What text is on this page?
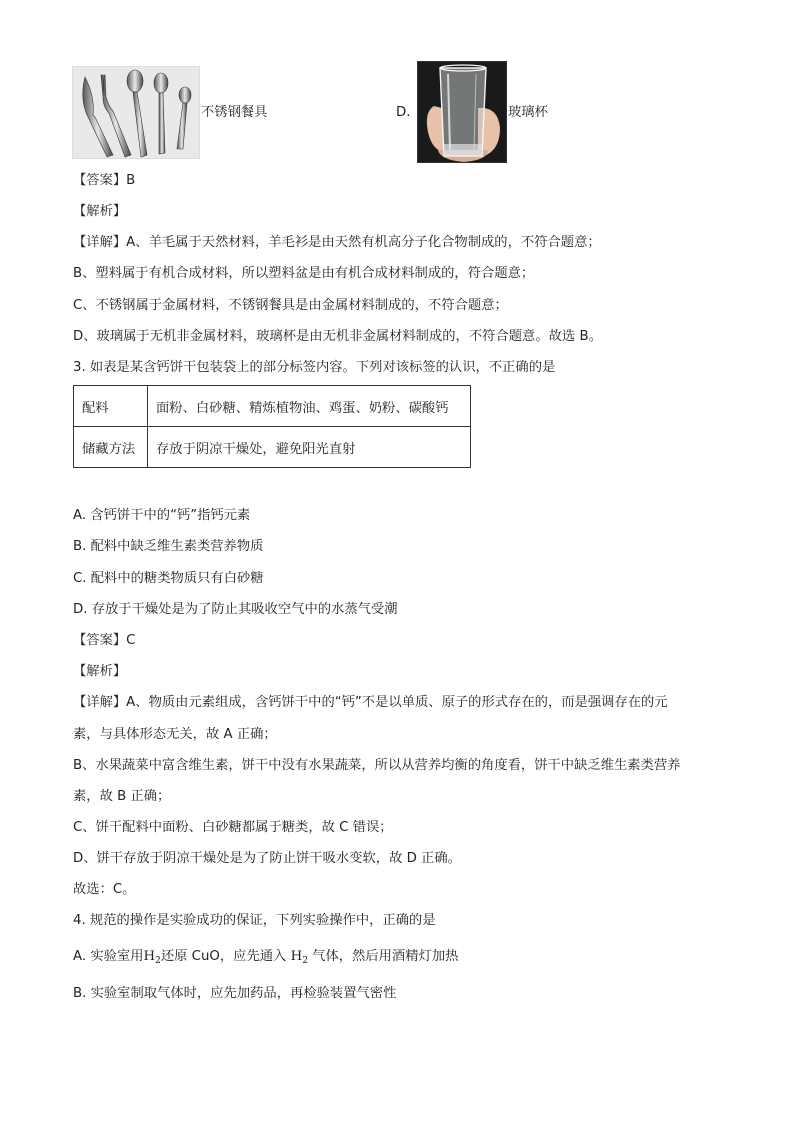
不锈钢餐具	D.	玻璃杯
【答案】B
【解析】
【详解】A、羊毛属于天然材料，羊毛衫是由天然有机高分子化合物制成的，不符合题意；
B、塑料属于有机合成材料，所以塑料盆是由有机合成材料制成的，符合题意；
C、不锈钢属于金属材料，不锈钢餐具是由金属材料制成的，不符合题意；
D、玻璃属于无机非金属材料，玻璃杯是由无机非金属材料制成的，不符合题意。故选 B。
3. 如表是某含钙饼干包装袋上的部分标签内容。下列对该标签的认识，不正确的是
配料	面粉、白砂糖、精炼植物油、鸡蛋、奶粉、碳酸钙
储藏方法	存放于阴凉干燥处，避免阳光直射
A. 含钙饼干中的“钙”指钙元素
B. 配料中缺乏维生素类营养物质
C. 配料中的糖类物质只有白砂糖
D. 存放于干燥处是为了防止其吸收空气中的水蒸气受潮
【答案】C
【解析】
【详解】A、物质由元素组成，含钙饼干中的“钙”不是以单质、原子的形式存在的，而是强调存在的元
素，与具体形态无关，故 A 正确；
B、水果蔬菜中富含维生素，饼干中没有水果蔬菜，所以从营养均衡的角度看，饼干中缺乏维生素类营养
素，故 B 正确；
C、饼干配料中面粉、白砂糖都属于糖类，故 C 错误；
D、饼干存放于阴凉干燥处是为了防止饼干吸水变软，故 D 正确。
故选：C。
4. 规范的操作是实验成功的保证，下列实验操作中，正确的是
A. 实验室用$H_2$还原 CuO，应先通入 $H_2$ 气体，然后用酒精灯加热
B. 实验室制取气体时，应先加药品，再检验装置气密性
